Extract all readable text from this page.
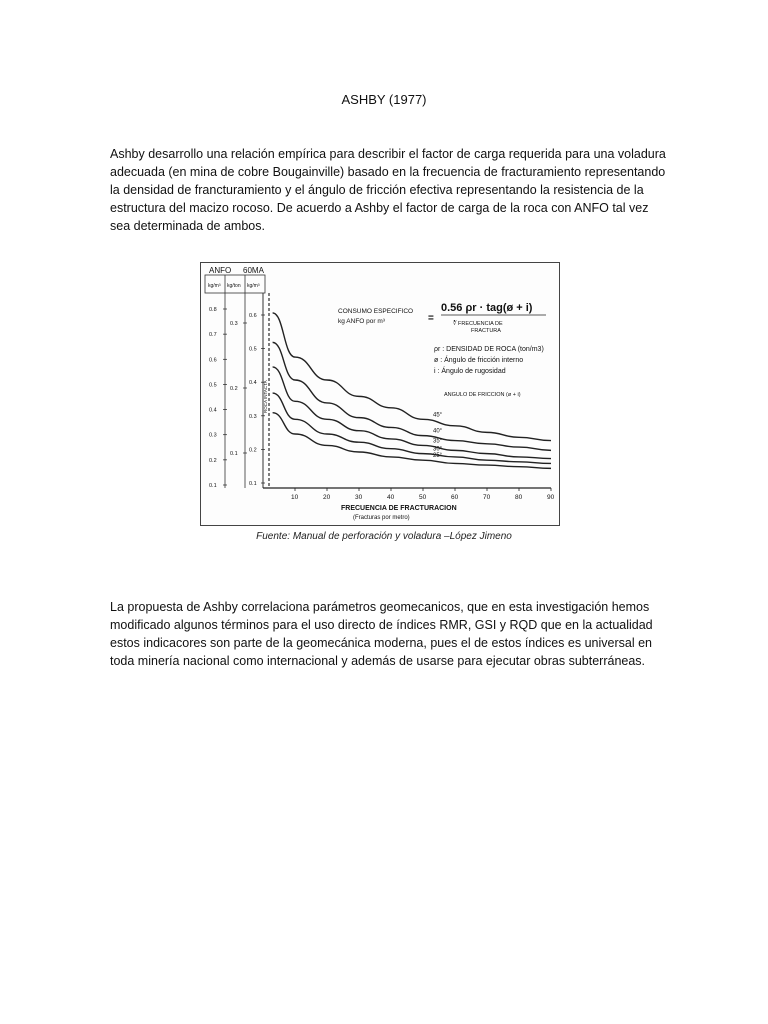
ASHBY (1977)

Ashby desarrollo una relación empírica para describir el factor de carga requerida para una voladura adecuada (en mina de cobre Bougainville) basado en la frecuencia de fracturamiento representando la densidad de francturamiento y el ángulo de fricción efectiva representando la resistencia de la estructura del macizo rocoso. De acuerdo a Ashby el factor de carga de la roca con ANFO tal vez sea determinada de ambos.

ANFO 60MA
kg/m³ kg/ton kg/m³
0.8
0.7
0.6
0.5
0.4
0.3
0.2
0.1
0.3
0.2
0.1
0.6
0.5
0.4
0.3
0.2
0.1
ROCA INTACTA
10	20	30	40	50	60	70	80	90
45°
40°
35°
30°
25°
CONSUMO ESPECIFICO
kg ANFO por m³	=
0.56 ρr · tag(ø + i)
∛ FRECUENCIA DE
FRACTURA
ρr : DENSIDAD DE ROCA (ton/m3)
ø : Ángulo de fricción interno
i : Ángulo de rugosidad
ANGULO DE FRICCION (ø + i)
FRECUENCIA DE FRACTURACION
(Fracturas por metro)
Fuente: Manual de perforación y voladura –López Jimeno

La propuesta de Ashby correlaciona parámetros geomecanicos, que en esta investigación hemos modificado algunos términos para el uso directo de índices RMR, GSI y RQD que en la actualidad estos indicacores son parte de la geomecánica moderna, pues el de estos índices es universal en toda minería nacional como internacional y además de usarse para ejecutar obras subterráneas.
